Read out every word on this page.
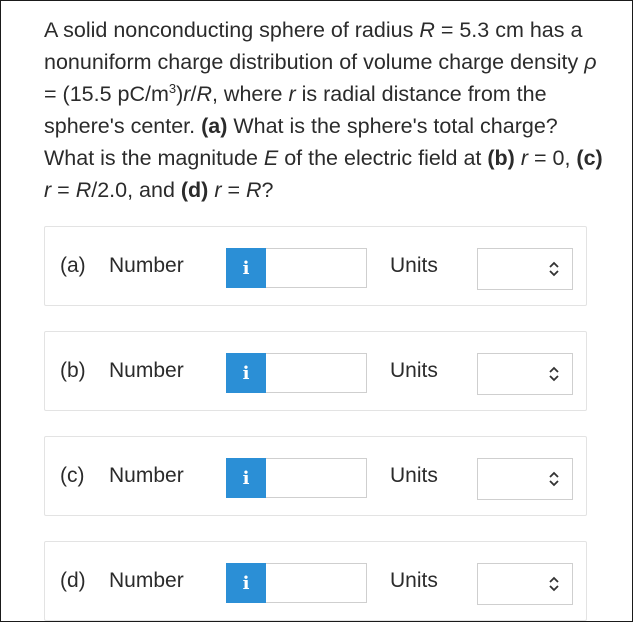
A solid nonconducting sphere of radius R = 5.3 cm has a nonuniform charge distribution of volume charge density ρ = (15.5 $pC/m^3)r/R$, where r is radial distance from the sphere's center. (a) What is the sphere's total charge? What is the magnitude E of the electric ﬁeld at (b) r = 0, (c) r = R/2.0, and (d) r = R?
(a) Number	i	Units
(b) Number	i	Units
(c) Number	i	Units
(d) Number	i	Units
